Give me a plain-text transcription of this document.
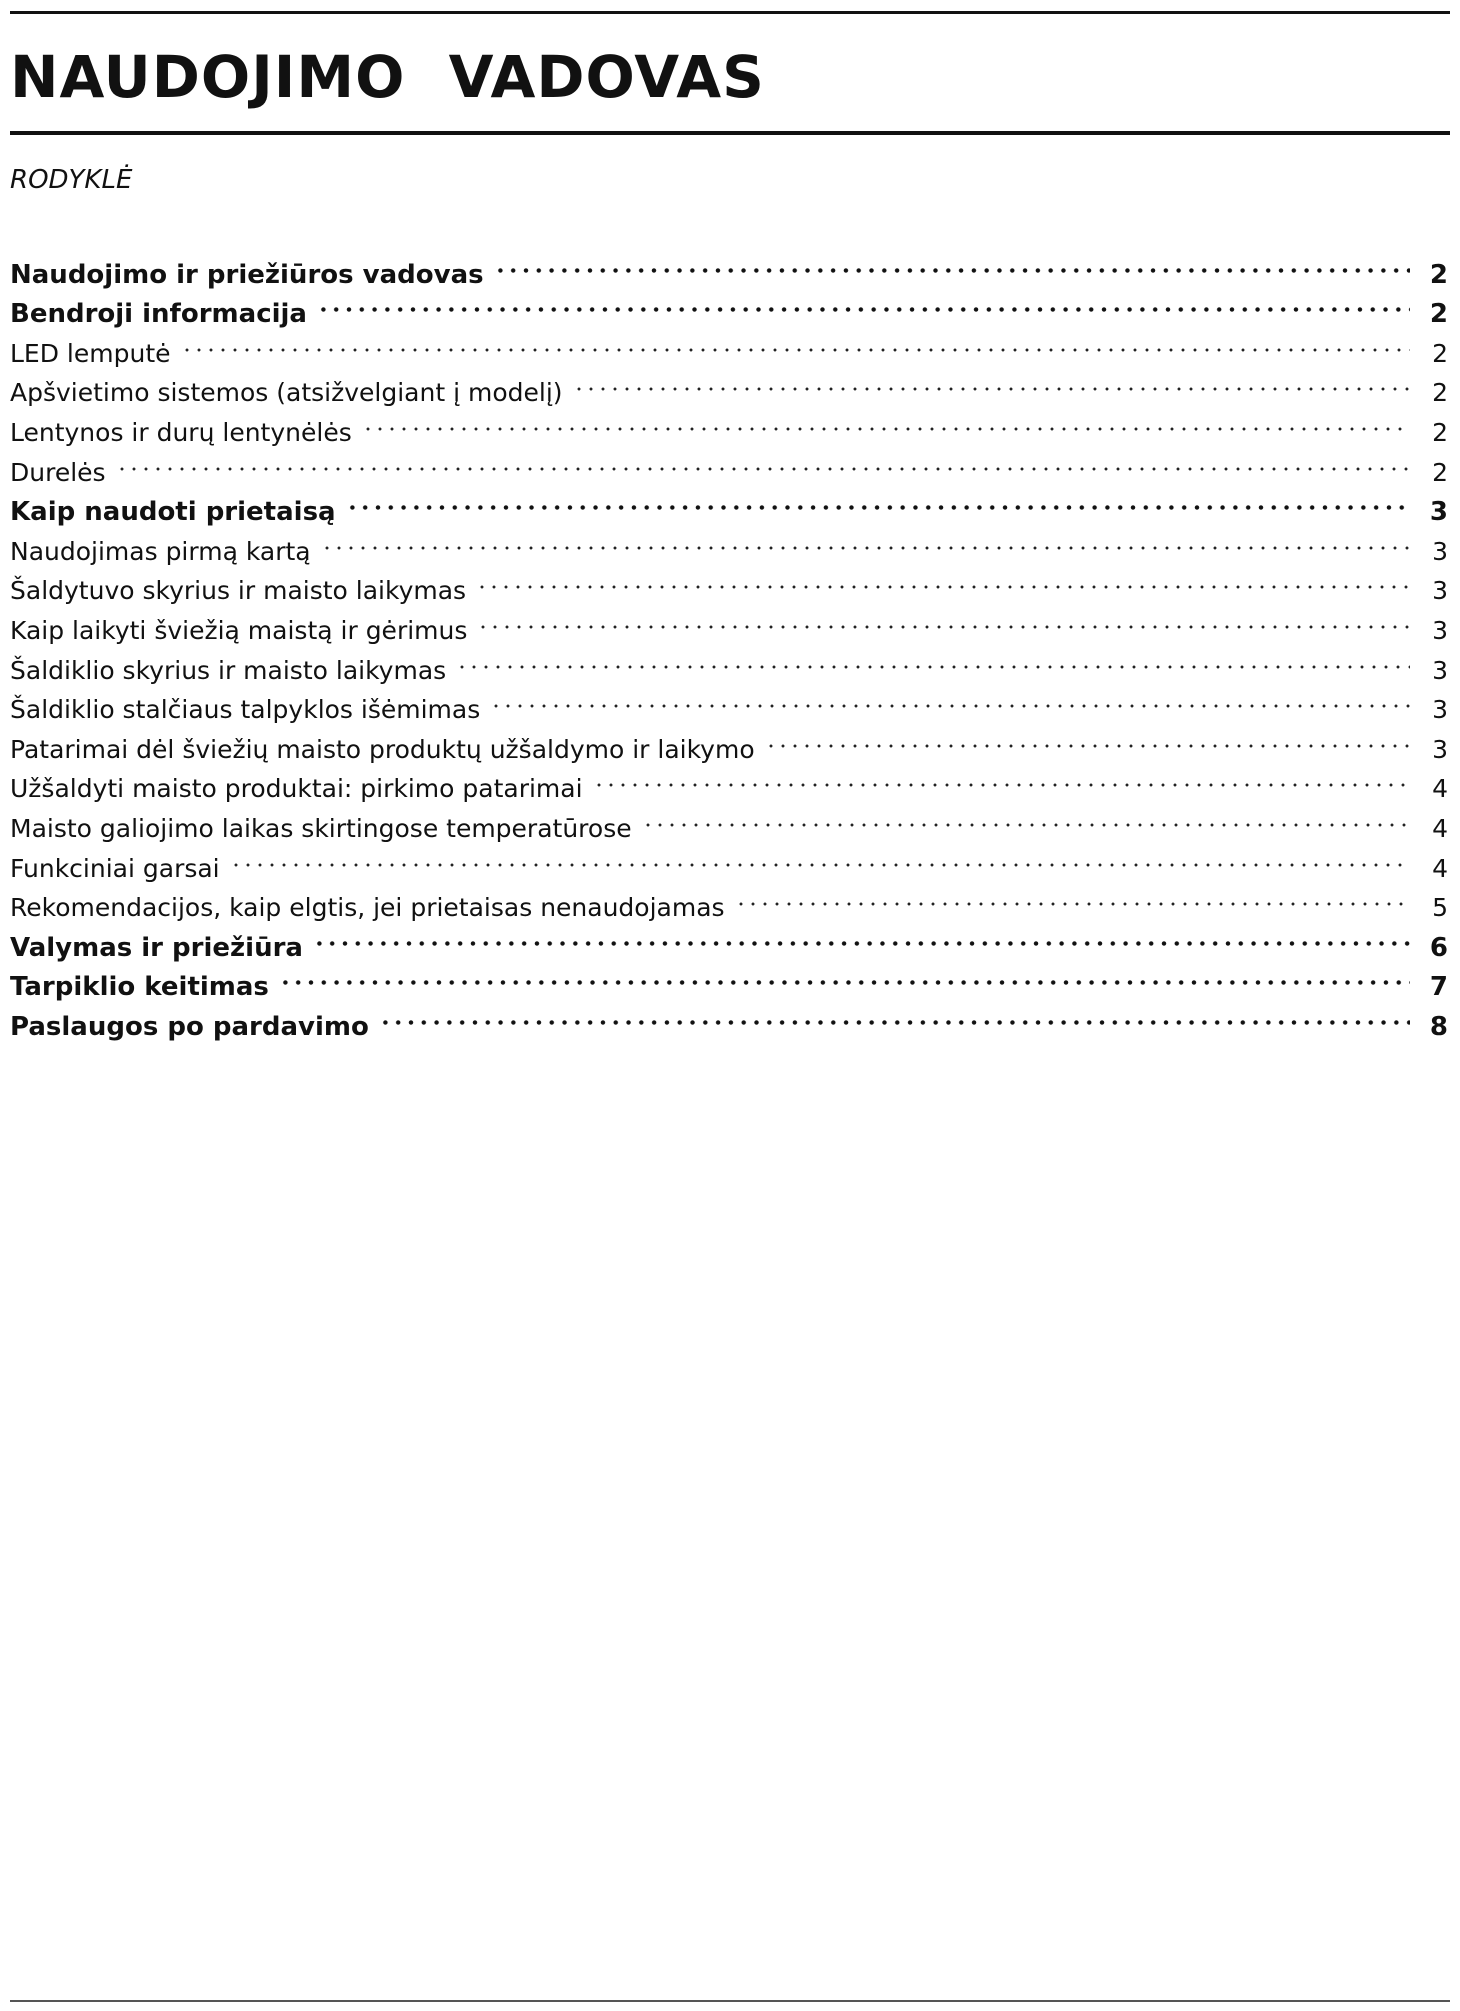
NAUDOJIMO VADOVAS
RODYKLĖ
Naudojimo ir priežiūros vadovas	2
Bendroji informacija	2
LED lemputė	2
Apšvietimo sistemos (atsižvelgiant į modelį)	2
Lentynos ir durų lentynėlės	2
Durelės	2
Kaip naudoti prietaisą	3
Naudojimas pirmą kartą	3
Šaldytuvo skyrius ir maisto laikymas	3
Kaip laikyti šviežią maistą ir gėrimus	3
Šaldiklio skyrius ir maisto laikymas	3
Šaldiklio stalčiaus talpyklos išėmimas	3
Patarimai dėl šviežių maisto produktų užšaldymo ir laikymo	3
Užšaldyti maisto produktai: pirkimo patarimai	4
Maisto galiojimo laikas skirtingose temperatūrose	4
Funkciniai garsai	4
Rekomendacijos, kaip elgtis, jei prietaisas nenaudojamas	5
Valymas ir priežiūra	6
Tarpiklio keitimas	7
Paslaugos po pardavimo	8
